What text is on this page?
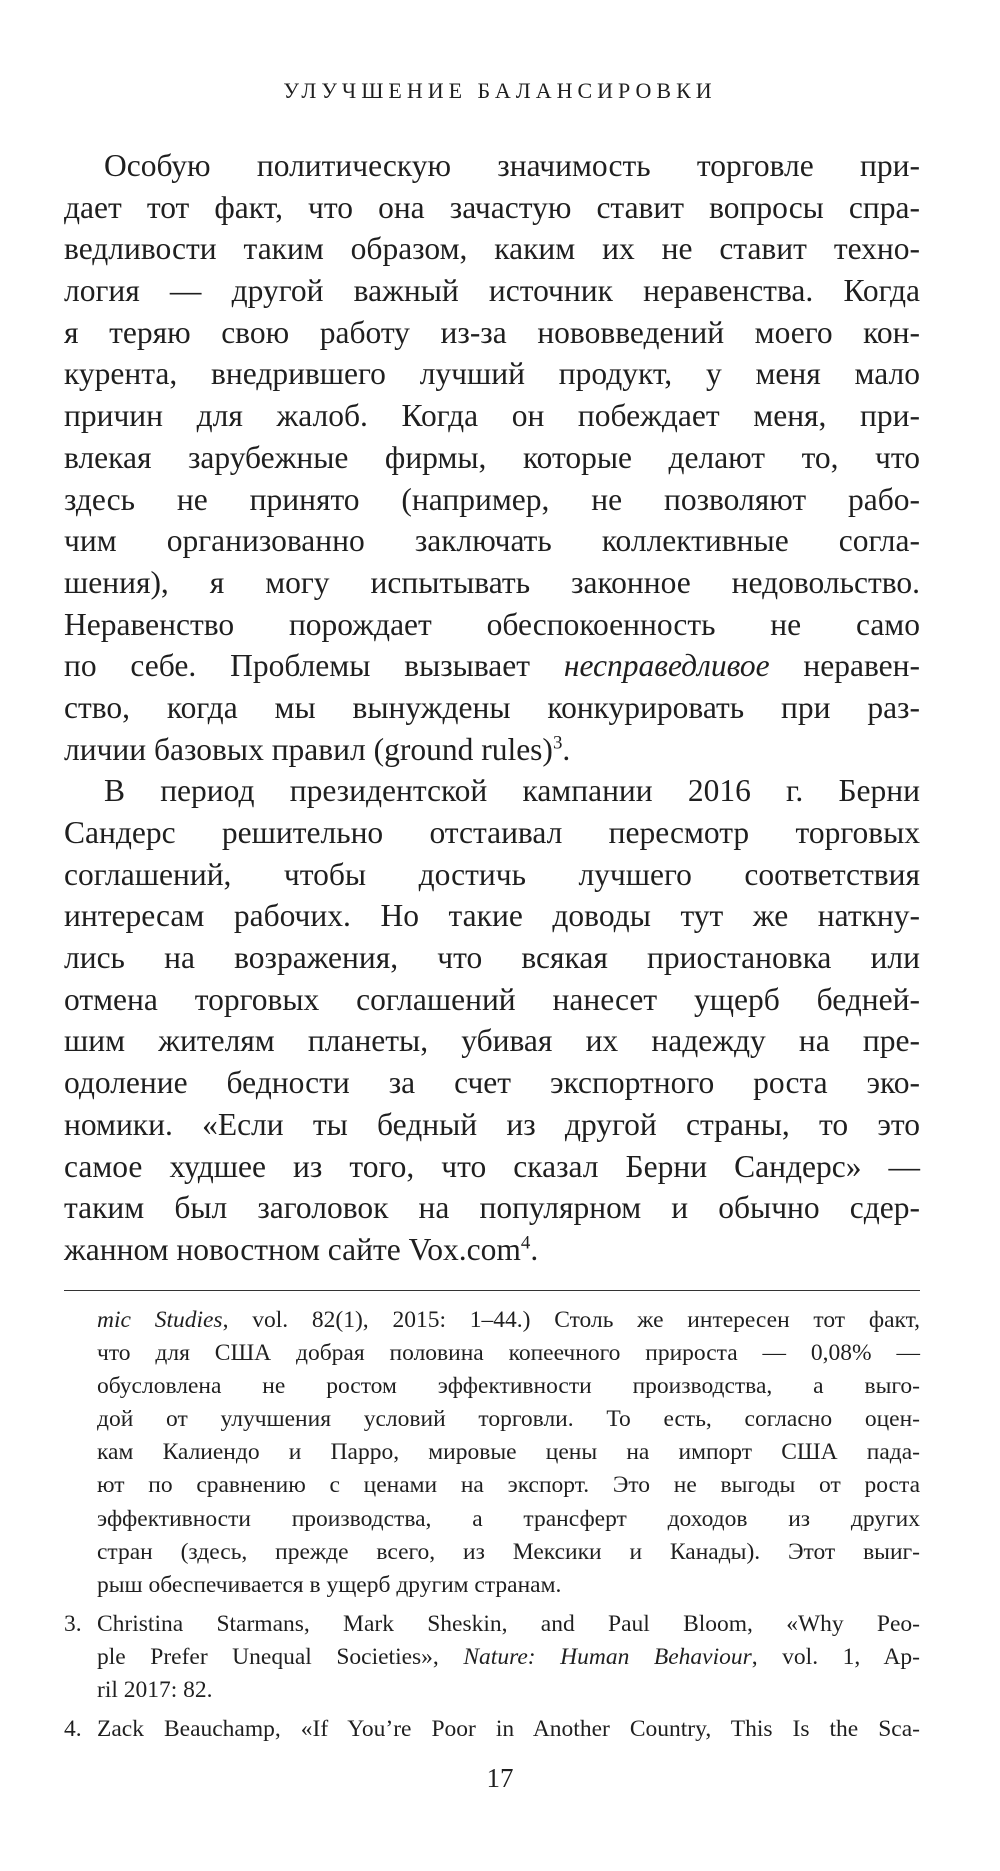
УЛУЧШЕНИЕ БАЛАНСИРОВКИ
Особую политическую значимость торговле при-
дает тот факт, что она зачастую ставит вопросы спра-
ведливости таким образом, каким их не ставит техно-
логия — другой важный источник неравенства. Когда
я теряю свою работу из-за нововведений моего кон-
курента, внедрившего лучший продукт, у меня мало
причин для жалоб. Когда он побеждает меня, при-
влекая зарубежные фирмы, которые делают то, что
здесь не принято (например, не позволяют рабо-
чим организованно заключать коллективные согла-
шения), я могу испытывать законное недовольство.
Неравенство порождает обеспокоенность не само
по себе. Проблемы вызывает несправедливое неравен-
ство, когда мы вынуждены конкурировать при раз-
личии базовых правил (ground rules)$^3$.
В период президентской кампании 2016 г. Берни
Сандерс решительно отстаивал пересмотр торговых
соглашений, чтобы достичь лучшего соответствия
интересам рабочих. Но такие доводы тут же наткну-
лись на возражения, что всякая приостановка или
отмена торговых соглашений нанесет ущерб бедней-
шим жителям планеты, убивая их надежду на пре-
одоление бедности за счет экспортного роста эко-
номики. «Если ты бедный из другой страны, то это
самое худшее из того, что сказал Берни Сандерс» —
таким был заголовок на популярном и обычно сдер-
жанном новостном сайте Vox.com$^4$.
mic Studies, vol. 82(1), 2015: 1–44.) Столь же интересен тот факт,
что для США добрая половина копеечного прироста — 0,08% —
обусловлена не ростом эффективности производства, а выго-
дой от улучшения условий торговли. То есть, согласно оцен-
кам Калиендо и Парро, мировые цены на импорт США пада-
ют по сравнению с ценами на экспорт. Это не выгоды от роста
эффективности производства, а трансферт доходов из других
стран (здесь, прежде всего, из Мексики и Канады). Этот выиг-
рыш обеспечивается в ущерб другим странам.
3. Christina Starmans, Mark Sheskin, and Paul Bloom, «Why Peo-
ple Prefer Unequal Societies», Nature: Human Behaviour, vol. 1, Ap-
ril 2017: 82.
4. Zack Beauchamp, «If You’re Poor in Another Country, This Is the Sca-
17
